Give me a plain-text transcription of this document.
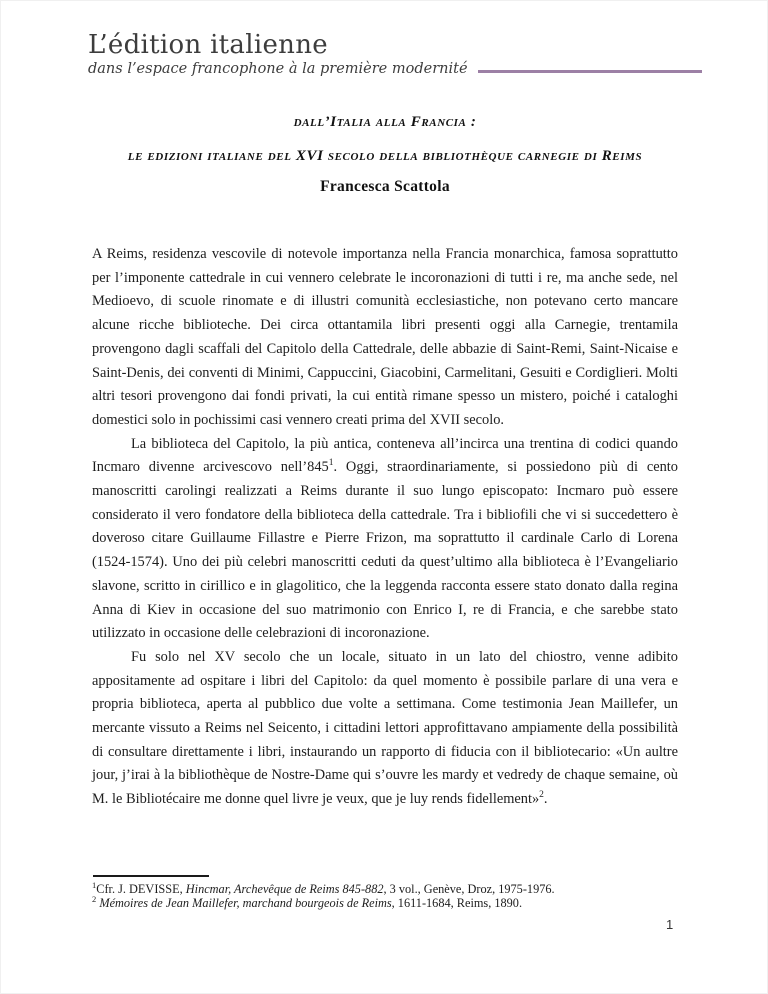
L’édition italienne
dans l’espace francophone à la première modernité
dall’Italia alla Francia :
le edizioni italiane del XVI secolo della bibliothèque carnegie di Reims
Francesca Scattola

A Reims, residenza vescovile di notevole importanza nella Francia monarchica, famosa soprattutto per l’imponente cattedrale in cui vennero celebrate le incoronazioni di tutti i re, ma anche sede, nel Medioevo, di scuole rinomate e di illustri comunità ecclesiastiche, non potevano certo mancare alcune ricche biblioteche. Dei circa ottantamila libri presenti oggi alla Carnegie, trentamila provengono dagli scaffali del Capitolo della Cattedrale, delle abbazie di Saint-Remi, Saint-Nicaise e Saint-Denis, dei conventi di Minimi, Cappuccini, Giacobini, Carmelitani, Gesuiti e Cordiglieri. Molti altri tesori provengono dai fondi privati, la cui entità rimane spesso un mistero, poiché i cataloghi domestici solo in pochissimi casi vennero creati prima del XVII secolo.

La biblioteca del Capitolo, la più antica, conteneva all’incirca una trentina di codici quando Incmaro divenne arcivescovo $nell’845^1$. Oggi, straordinariamente, si possiedono più di cento manoscritti carolingi realizzati a Reims durante il suo lungo episcopato: Incmaro può essere considerato il vero fondatore della biblioteca della cattedrale. Tra i bibliofili che vi si succedettero è doveroso citare Guillaume Fillastre e Pierre Frizon, ma soprattutto il cardinale Carlo di Lorena (1524-1574). Uno dei più celebri manoscritti ceduti da quest’ultimo alla biblioteca è l’Evangeliario slavone, scritto in cirillico e in glagolitico, che la leggenda racconta essere stato donato dalla regina Anna di Kiev in occasione del suo matrimonio con Enrico I, re di Francia, e che sarebbe stato utilizzato in occasione delle celebrazioni di incoronazione.

Fu solo nel XV secolo che un locale, situato in un lato del chiostro, venne adibito appositamente ad ospitare i libri del Capitolo: da quel momento è possibile parlare di una vera e propria biblioteca, aperta al pubblico due volte a settimana. Come testimonia Jean Maillefer, un mercante vissuto a Reims nel Seicento, i cittadini lettori approfittavano ampiamente della possibilità di consultare direttamente i libri, instaurando un rapporto di fiducia con il bibliotecario: «Un aultre jour, j’irai à la bibliothèque de Nostre-Dame qui s’ouvre les mardy et vedredy de chaque semaine, où M. le Bibliotécaire me donne quel livre je veux, que je luy rends fidellement»$^2$.

$^1$Cfr. J. DEVISSE, Hincmar, Archevêque de Reims 845-882, 3 vol., Genève, Droz, 1975-1976.

$^2$ Mémoires de Jean Maillefer, marchand bourgeois de Reims, 1611-1684, Reims, 1890.

1
